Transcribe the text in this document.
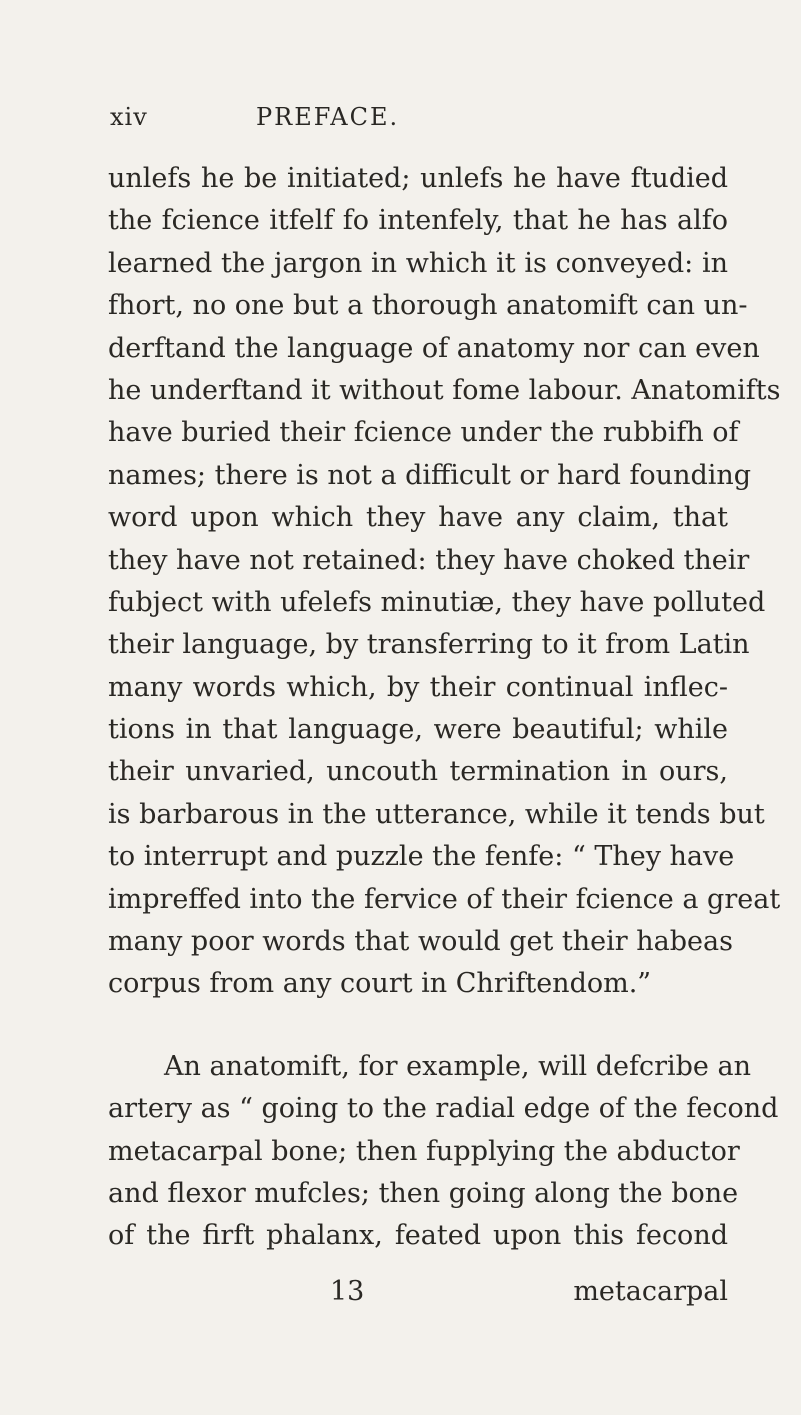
xiv	PREFACE.
unlefs he be initiated; unlefs he have ftudied
the fcience itfelf fo intenfely, that he has alfo
learned the jargon in which it is conveyed: in
fhort, no one but a thorough anatomift can un-
derftand the language of anatomy nor can even
he underftand it without fome labour. Anatomifts
have buried their fcience under the rubbifh of
names; there is not a difficult or hard founding
word upon which they have any claim, that
they have not retained: they have choked their
fubject with ufelefs minutiæ, they have polluted
their language, by transferring to it from Latin
many words which, by their continual inflec-
tions in that language, were beautiful; while
their unvaried, uncouth termination in ours,
is barbarous in the utterance, while it tends but
to interrupt and puzzle the fenfe: “ They have
impreffed into the fervice of their fcience a great
many poor words that would get their habeas
corpus from any court in Chriftendom.”
An anatomift, for example, will defcribe an
artery as “ going to the radial edge of the fecond
metacarpal bone; then fupplying the abductor
and flexor mufcles; then going along the bone
of the firft phalanx, feated upon this fecond
13	metacarpal
